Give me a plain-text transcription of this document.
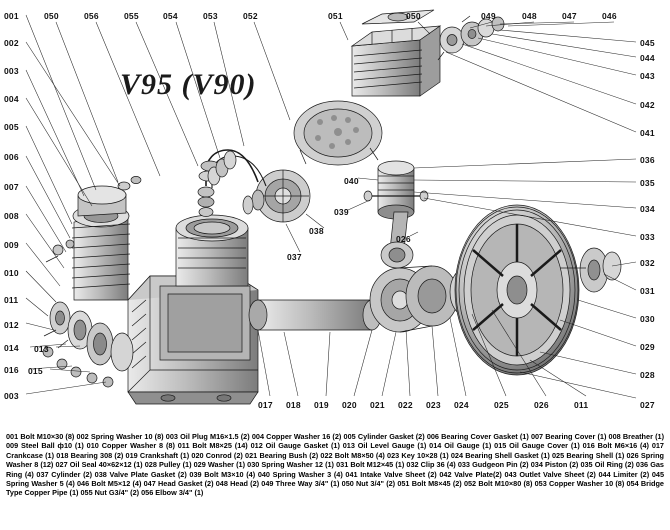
V95 (V90)
001
002
003
004
005
006
007
008
009
010
011
012
014 013
016 015
003
050	056	055	054	053	052	051	050	049	048	047	046
045
044
043
042
041
036
035
034
033
032
031
030
029
028
027
017 018 019 020 021 022 023 024	025	026	011
040
039
038
037
026
001 Bolt M10×30 (8) 002 Spring Washer 10 (8) 003 Oil Plug M16×1.5 (2) 004 Copper Washer 16 (2) 005 Cylinder Gasket (2) 006 Bearing Cover Gasket (1) 007 Bearing Cover (1) 008 Breather (1) 009 Steel Ball ф10 (1) 010 Copper Washer 8 (8) 011 Bolt M8×25 (14) 012 Oil Gauge Gasket (1) 013 Oil Level Gauge (1) 014 Oil Gauge (1) 015 Oil Gauge Cover (1) 016 Bolt M6×16 (4) 017 Crankcase (1) 018 Bearing 308 (2) 019 Crankshaft (1) 020 Conrod (2) 021 Bearing Bush (2) 022 Bolt M8×50 (4) 023 Key 10×28 (1) 024 Bearing Shell Gasket (1) 025 Bearing Shell (1) 026 Spring Washer 8 (12) 027 Oil Seal 40×62×12 (1) 028 Pulley (1) 029 Washer (1) 030 Spring Washer 12 (1) 031 Bolt M12×45 (1) 032 Clip 36 (4) 033 Gudgeon Pin (2) 034 Piston (2) 035 Oil Ring (2) 036 Gas Ring (4) 037 Cylinder (2) 038 Valve Plate Gasket (2) 039 Bolt M3×10 (4) 040 Spring Washer 3 (4) 041 Intake Valve Sheet (2) 042 Valve Plate(2) 043 Outlet Valve Sheet (2) 044 Limiter (2) 045 Spring Washer 5 (4) 046 Bolt M5×12 (4) 047 Head Gasket (2) 048 Head (2) 049 Three Way 3/4" (1) 050 Nut 3/4" (2) 051 Bolt M8×45 (2) 052 Bolt M10×80 (8) 053 Copper Washer 10 (8) 054 Bridge Type Copper Pipe (1) 055 Nut G3/4" (2) 056 Elbow 3/4" (1)
